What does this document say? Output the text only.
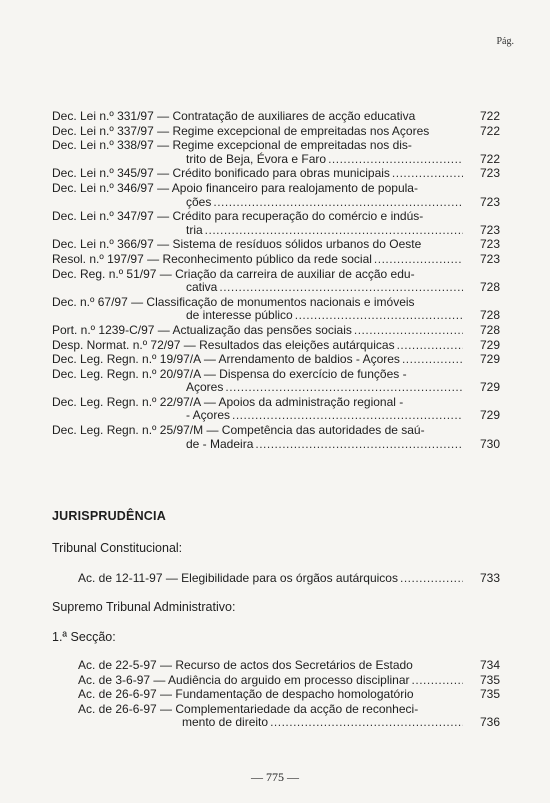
Pág.
Dec. Lei n.º 331/97 — Contratação de auxiliares de acção educativa	722
Dec. Lei n.º 337/97 — Regime excepcional de empreitadas nos Açores	722
Dec. Lei n.º 338/97 — Regime excepcional de empreitadas nos dis-
trito de Beja, Évora e Faro .....	722
Dec. Lei n.º 345/97 — Crédito bonificado para obras municipais .....	723
Dec. Lei n.º 346/97 — Apoio financeiro para realojamento de popula-
ções .....	723
Dec. Lei n.º 347/97 — Crédito para recuperação do comércio e indús-
tria .....	723
Dec. Lei n.º 366/97 — Sistema de resíduos sólidos urbanos do Oeste	723
Resol. n.º 197/97 — Reconhecimento público da rede social .....	723
Dec. Reg. n.º 51/97 — Criação da carreira de auxiliar de acção edu-
cativa .....	728
Dec. n.º 67/97 — Classificação de monumentos nacionais e imóveis
de interesse público .....	728
Port. n.º 1239-C/97 — Actualização das pensões sociais .....	728
Desp. Normat. n.º 72/97 — Resultados das eleições autárquicas .....	729
Dec. Leg. Regn. n.º 19/97/A — Arrendamento de baldios - Açores .....	729
Dec. Leg. Regn. n.º 20/97/A — Dispensa do exercício de funções -
Açores .....	729
Dec. Leg. Regn. n.º 22/97/A — Apoios da administração regional -
- Açores .....	729
Dec. Leg. Regn. n.º 25/97/M — Competência das autoridades de saú-
de - Madeira .....	730
JURISPRUDÊNCIA
Tribunal Constitucional:
Ac. de 12-11-97 — Elegibilidade para os órgãos autárquicos .....	733
Supremo Tribunal Administrativo:
1.ª Secção:
Ac. de 22-5-97 — Recurso de actos dos Secretários de Estado	734
Ac. de 3-6-97 — Audiência do arguido em processo disciplinar .....	735
Ac. de 26-6-97 — Fundamentação de despacho homologatório	735
Ac. de 26-6-97 — Complementariedade da acção de reconheci-
mento de direito .....	736
— 775 —
